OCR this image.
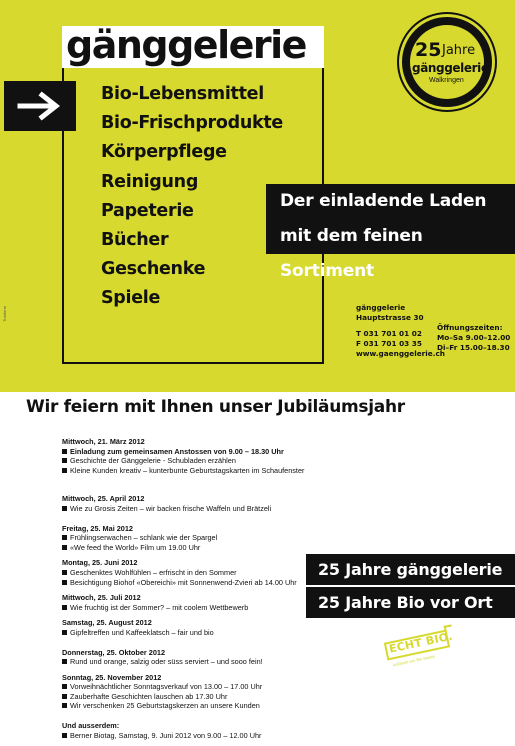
gänggelerie
Bio-Lebensmittel
Bio-Frischprodukte
Körperpflege
Reinigung
Papeterie
Bücher
Geschenke
Spiele
Der einladende Laden
mit dem feinen Sortiment
25 Jahre
gänggelerie
Walkringen
gänggelerie
Hauptstrasse 30
T 031 701 01 02
F 031 701 03 35
www.gaenggelerie.ch
Öffnungszeiten:
Mo–Sa 9.00–12.00
Di–Fr 15.00–18.30
Tranform
Wir feiern mit Ihnen unser Jubiläumsjahr
Mittwoch, 21. März 2012
Einladung zum gemeinsamen Anstossen von 9.00 – 18.30 Uhr
Geschichte der Gänggelerie - Schubladen erzählen
Kleine Kunden kreativ – kunterbunte Geburtstagskarten im Schaufenster
Mittwoch, 25. April 2012
Wie zu Grosis Zeiten – wir backen frische Waffeln und Brätzeli
Freitag, 25. Mai 2012
Frühlingserwachen – schlank wie der Spargel
«We feed the World» Film um 19.00 Uhr
Montag, 25. Juni 2012
Geschenktes Wohlfühlen – erfrischt in den Sommer
Besichtigung Biohof «Obereichi» mit Sonnenwend-Zvieri ab 14.00 Uhr
Mittwoch, 25. Juli 2012
Wie fruchtig ist der Sommer? – mit coolem Wettbewerb
Samstag, 25. August 2012
Gipfeltreffen und Kaffeeklatsch – fair und bio
Donnerstag, 25. Oktober 2012
Rund und orange, salzig oder süss serviert – und sooo fein!
Sonntag, 25. November 2012
Vorweihnächtlicher Sonntagsverkauf von 13.00 – 17.00 Uhr
Zauberhafte Geschichten lauschen ab 17.30 Uhr
Wir verschenken 25 Geburtstagskerzen an unsere Kunden
Und ausserdem:
Berner Biotag, Samstag, 9. Juni 2012 von 9.00 – 12.00 Uhr
25 Jahre gänggelerie
25 Jahre Bio vor Ort
ECHT BIO.
Aufdruck von Bio Suisse
